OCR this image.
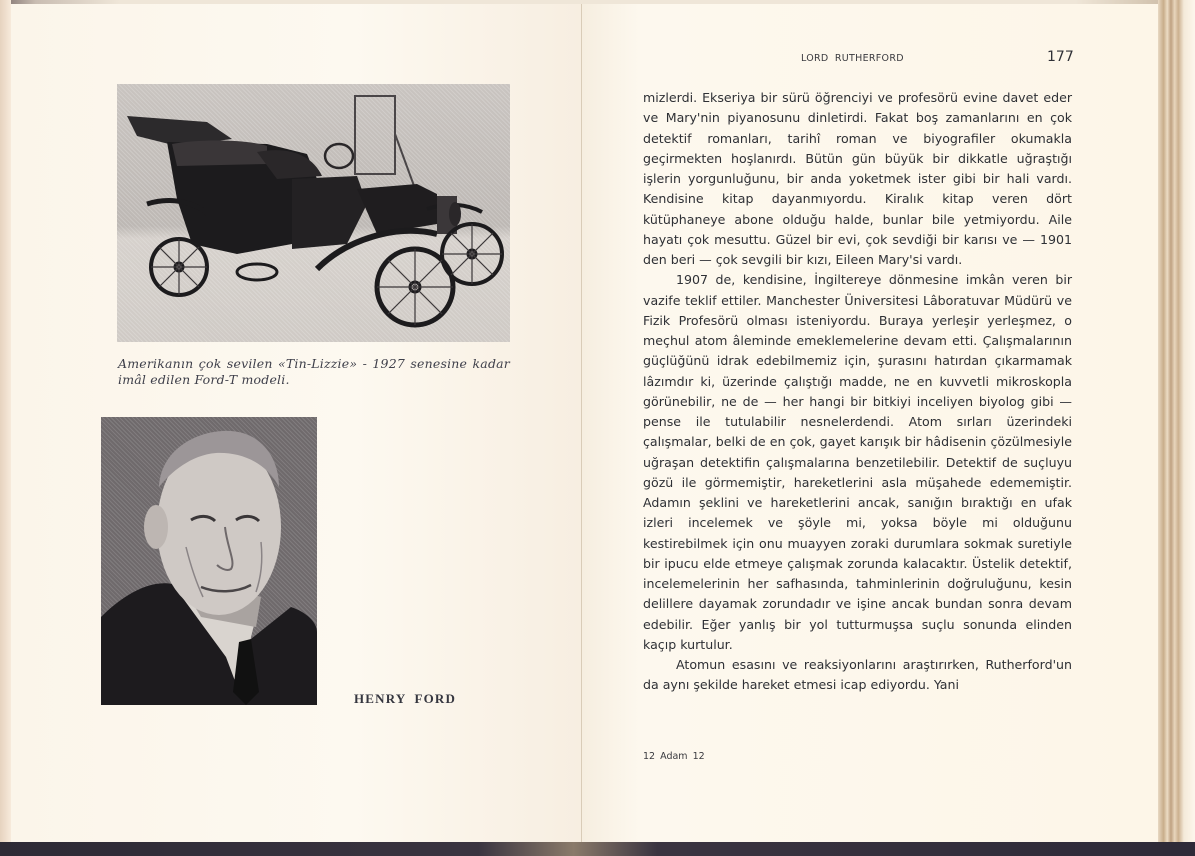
Amerikanın çok sevilen «Tin-Lizzie» - 1927 senesine kadar imâl edilen Ford-T modeli.
HENRY FORD
LORD RUTHERFORD	177

mizlerdi. Ekseriya bir sürü öğrenciyi ve profesörü evine davet eder ve Mary'nin piyanosunu dinletirdi. Fakat boş zamanlarını en çok detektif romanları, tarihî roman ve biyografiler okumakla geçirmekten hoşlanırdı. Bütün gün büyük bir dikkatle uğraştığı işlerin yorgunluğunu, bir anda yoketmek ister gibi bir hali vardı. Kendisine kitap dayanmıyordu. Kiralık kitap veren dört kütüphaneye abone olduğu halde, bunlar bile yetmiyordu. Aile hayatı çok mesuttu. Güzel bir evi, çok sevdiği bir karısı ve — 1901 den beri — çok sevgili bir kızı, Eileen Mary'si vardı.

1907 de, kendisine, İngiltereye dönmesine imkân veren bir vazife teklif ettiler. Manchester Üniversitesi Lâboratuvar Müdürü ve Fizik Profesörü olması isteniyordu. Buraya yerleşir yerleşmez, o meçhul atom âleminde emeklemelerine devam etti. Çalışmalarının güçlüğünü idrak edebilmemiz için, şurasını hatırdan çıkarmamak lâzımdır ki, üzerinde çalıştığı madde, ne en kuvvetli mikroskopla görünebilir, ne de — her hangi bir bitkiyi inceliyen biyolog gibi — pense ile tutulabilir nesnelerdendi. Atom sırları üzerindeki çalışmalar, belki de en çok, gayet karışık bir hâdisenin çözülmesiyle uğraşan detektifin çalışmalarına benzetilebilir. Detektif de suçluyu gözü ile görmemiştir, hareketlerini asla müşahede edememiştir. Adamın şeklini ve hareketlerini ancak, sanığın bıraktığı en ufak izleri incelemek ve şöyle mi, yoksa böyle mi olduğunu kestirebilmek için onu muayyen zoraki durumlara sokmak suretiyle bir ipucu elde etmeye çalışmak zorunda kalacaktır. Üstelik detektif, incelemelerinin her safhasında, tahminlerinin doğruluğunu, kesin delillere dayamak zorundadır ve işine ancak bundan sonra devam edebilir. Eğer yanlış bir yol tutturmuşsa suçlu sonunda elinden kaçıp kurtulur.

Atomun esasını ve reaksiyonlarını araştırırken, Rutherford'un da aynı şekilde hareket etmesi icap ediyordu. Yani

12 Adam 12
